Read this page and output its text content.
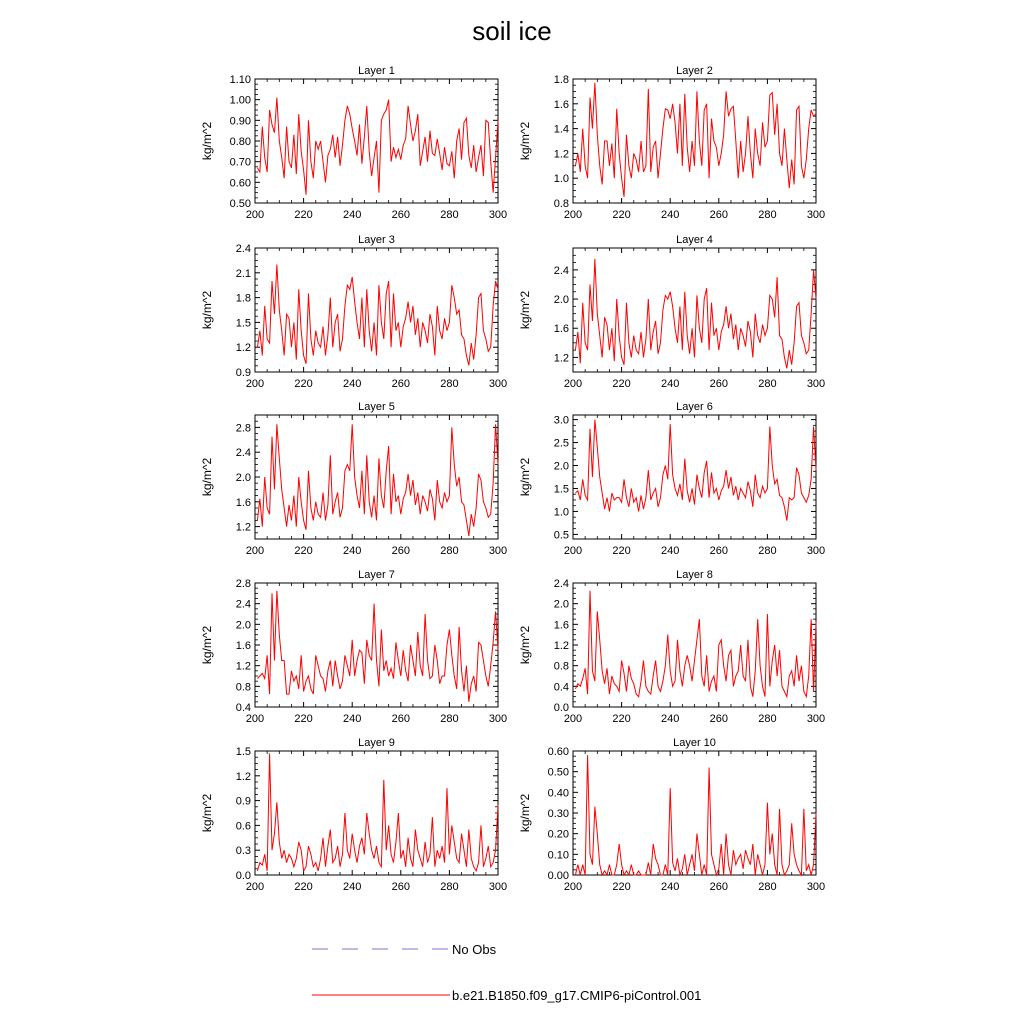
soil ice
Layer 1
kg/m^2
200	220	240	260	280	300
0.50
0.60
0.70
0.80
0.90
1.00
1.10
Layer 2
kg/m^2
200	220	240	260	280	300
0.8
1.0
1.2
1.4
1.6
1.8
Layer 3
kg/m^2
200	220	240	260	280	300
0.9
1.2
1.5
1.8
2.1
2.4
Layer 4
kg/m^2
200	220	240	260	280	300
1.2
1.6
2.0
2.4
Layer 5
kg/m^2
200	220	240	260	280	300
1.2
1.6
2.0
2.4
2.8
Layer 6
kg/m^2
200	220	240	260	280	300
0.5
1.0
1.5
2.0
2.5
3.0
Layer 7
kg/m^2
200	220	240	260	280	300
0.4
0.8
1.2
1.6
2.0
2.4
2.8
Layer 8
kg/m^2
200	220	240	260	280	300
0.0
0.4
0.8
1.2
1.6
2.0
2.4
Layer 9
kg/m^2
200	220	240	260	280	300
0.0
0.3
0.6
0.9
1.2
1.5
Layer 10
kg/m^2
200	220	240	260	280	300
0.00
0.10
0.20
0.30
0.40
0.50
0.60
No Obs
b.e21.B1850.f09_g17.CMIP6-piControl.001
